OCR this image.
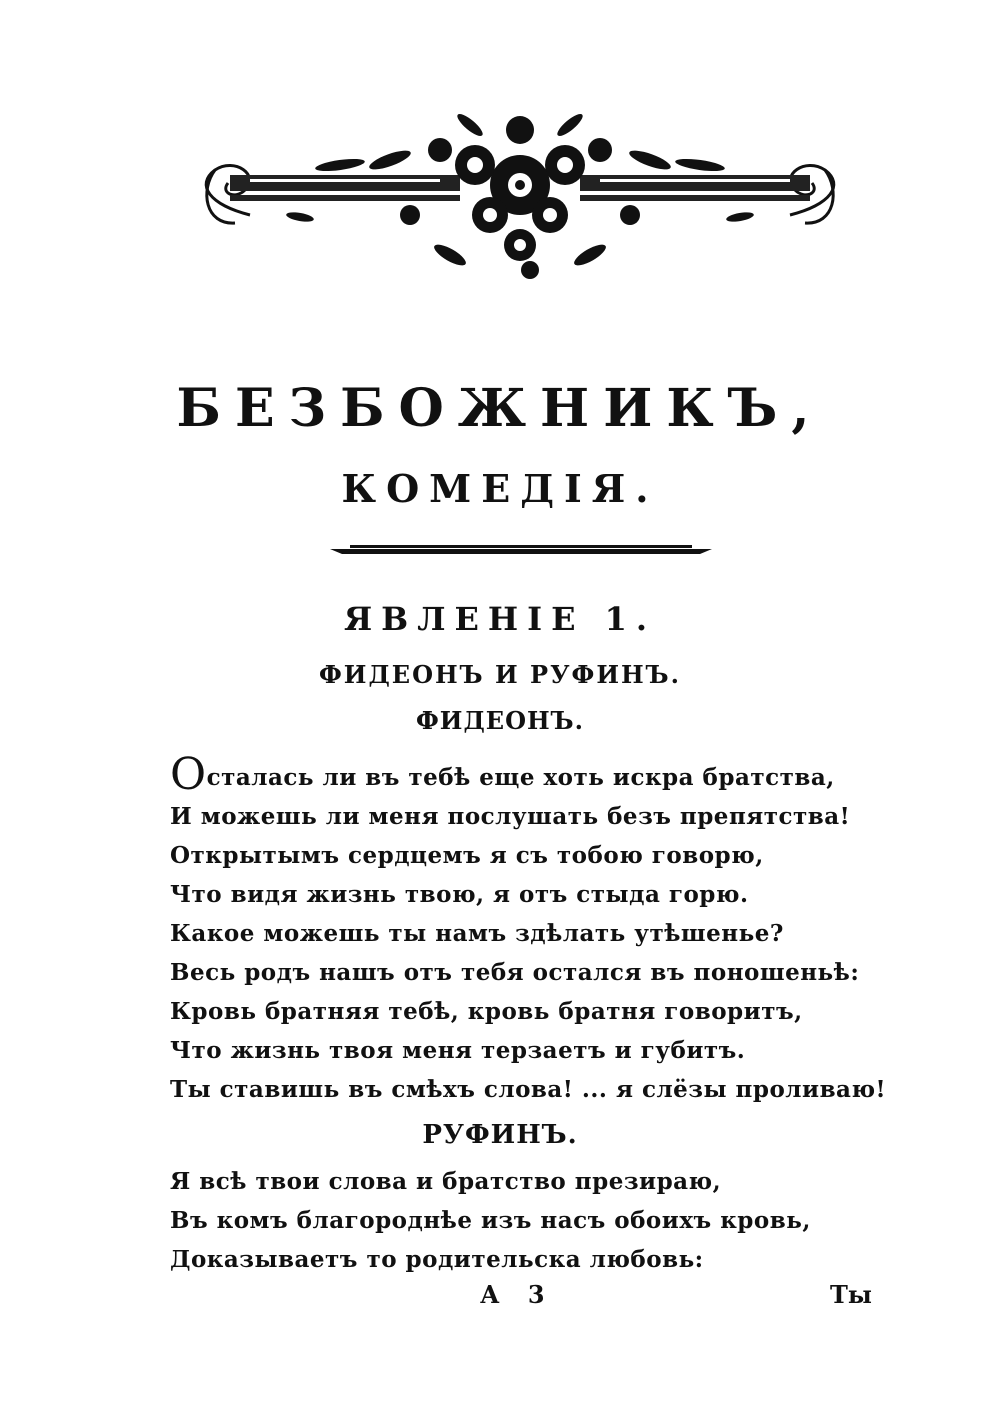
БЕЗБОЖНИКЪ,
КОМЕДІЯ.
ЯВЛЕНІЕ 1.

ФИДЕОНЪ И РУФИНЪ.

ФИДЕОНЪ.

Осталась ли въ тебѣ еще хоть искра братства,
И можешь ли меня послушать безъ препятства!
Открытымъ сердцемъ я съ тобою говорю,
Что видя жизнь твою, я отъ стыда горю.
Какое можешь ты намъ здѣлать утѣшенье?
Весь родъ нашъ отъ тебя остался въ поношеньѣ:
Кровь братняя тебѣ, кровь братня говоритъ,
Что жизнь твоя меня терзаетъ и губитъ.
Ты ставишь въ смѣхъ слова! ... я слёзы проливаю!

РУФИНЪ.

Я всѣ твои слова и братство презираю,
Въ комъ благороднѣе изъ насъ обоихъ кровь,
Доказываетъ то родительска любовь:

А 3	Ты
